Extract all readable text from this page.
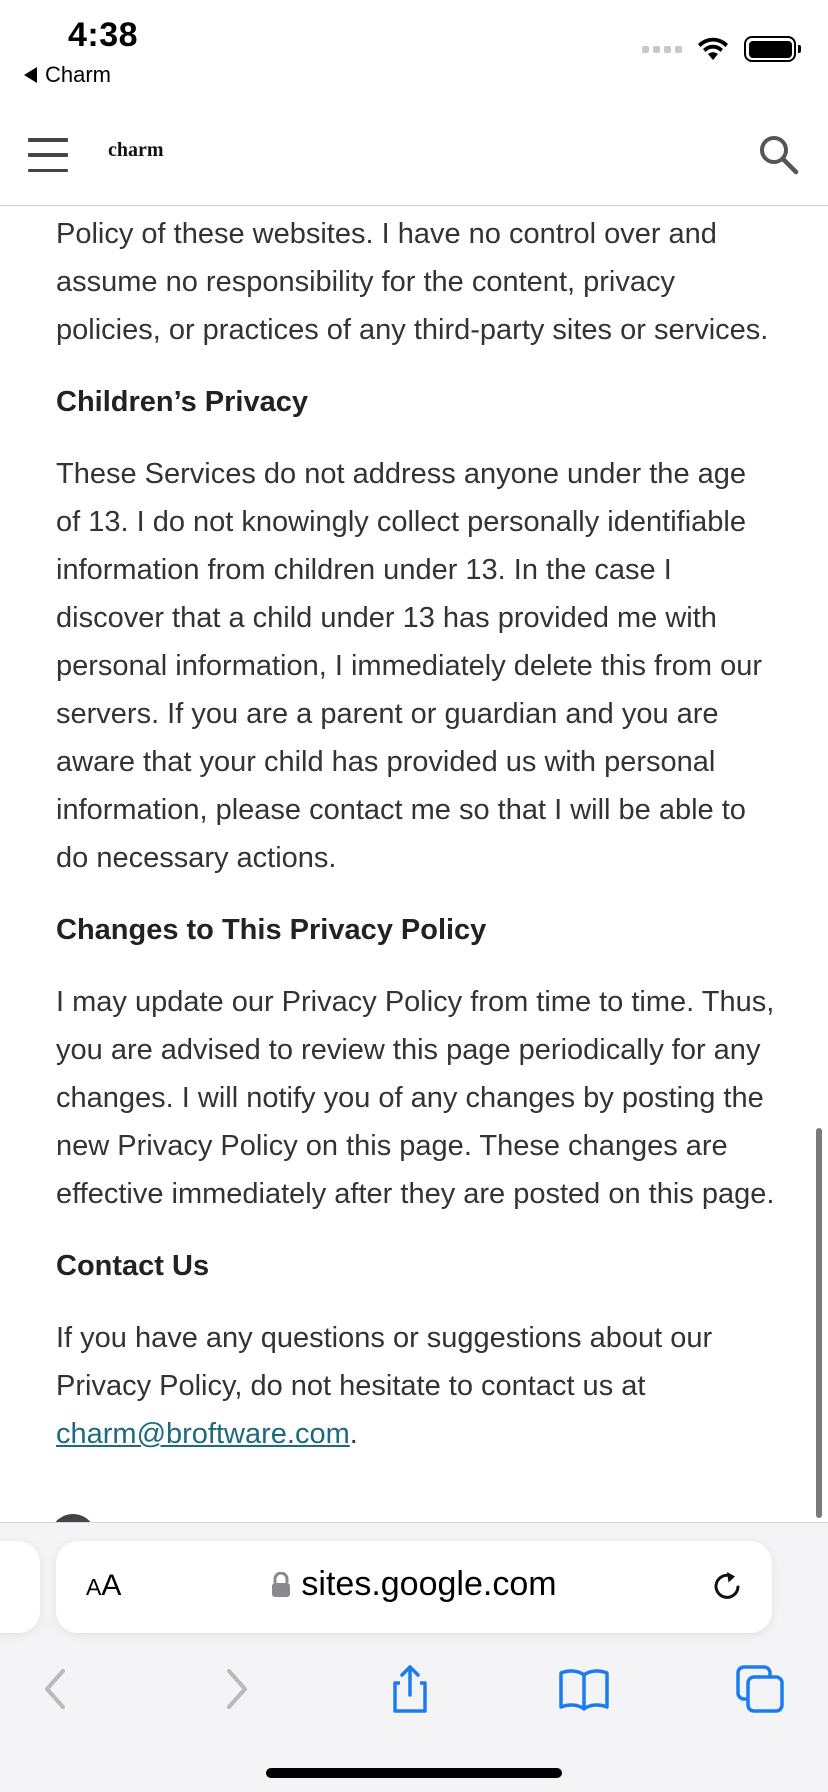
4:38
Charm
charm

Policy of these websites. I have no control over and assume no responsibility for the content, privacy policies, or practices of any third-party sites or services.

Children’s Privacy

These Services do not address anyone under the age of 13. I do not knowingly collect personally identifiable information from children under 13. In the case I discover that a child under 13 has provided me with personal information, I immediately delete this from our servers. If you are a parent or guardian and you are aware that your child has provided us with personal information, please contact me so that I will be able to do necessary actions.

Changes to This Privacy Policy

I may update our Privacy Policy from time to time. Thus, you are advised to review this page periodically for any changes. I will notify you of any changes by posting the new Privacy Policy on this page. These changes are effective immediately after they are posted on this page.

Contact Us

If you have any questions or suggestions about our Privacy Policy, do not hesitate to contact us at charm@broftware.com.

AA	sites.google.com
